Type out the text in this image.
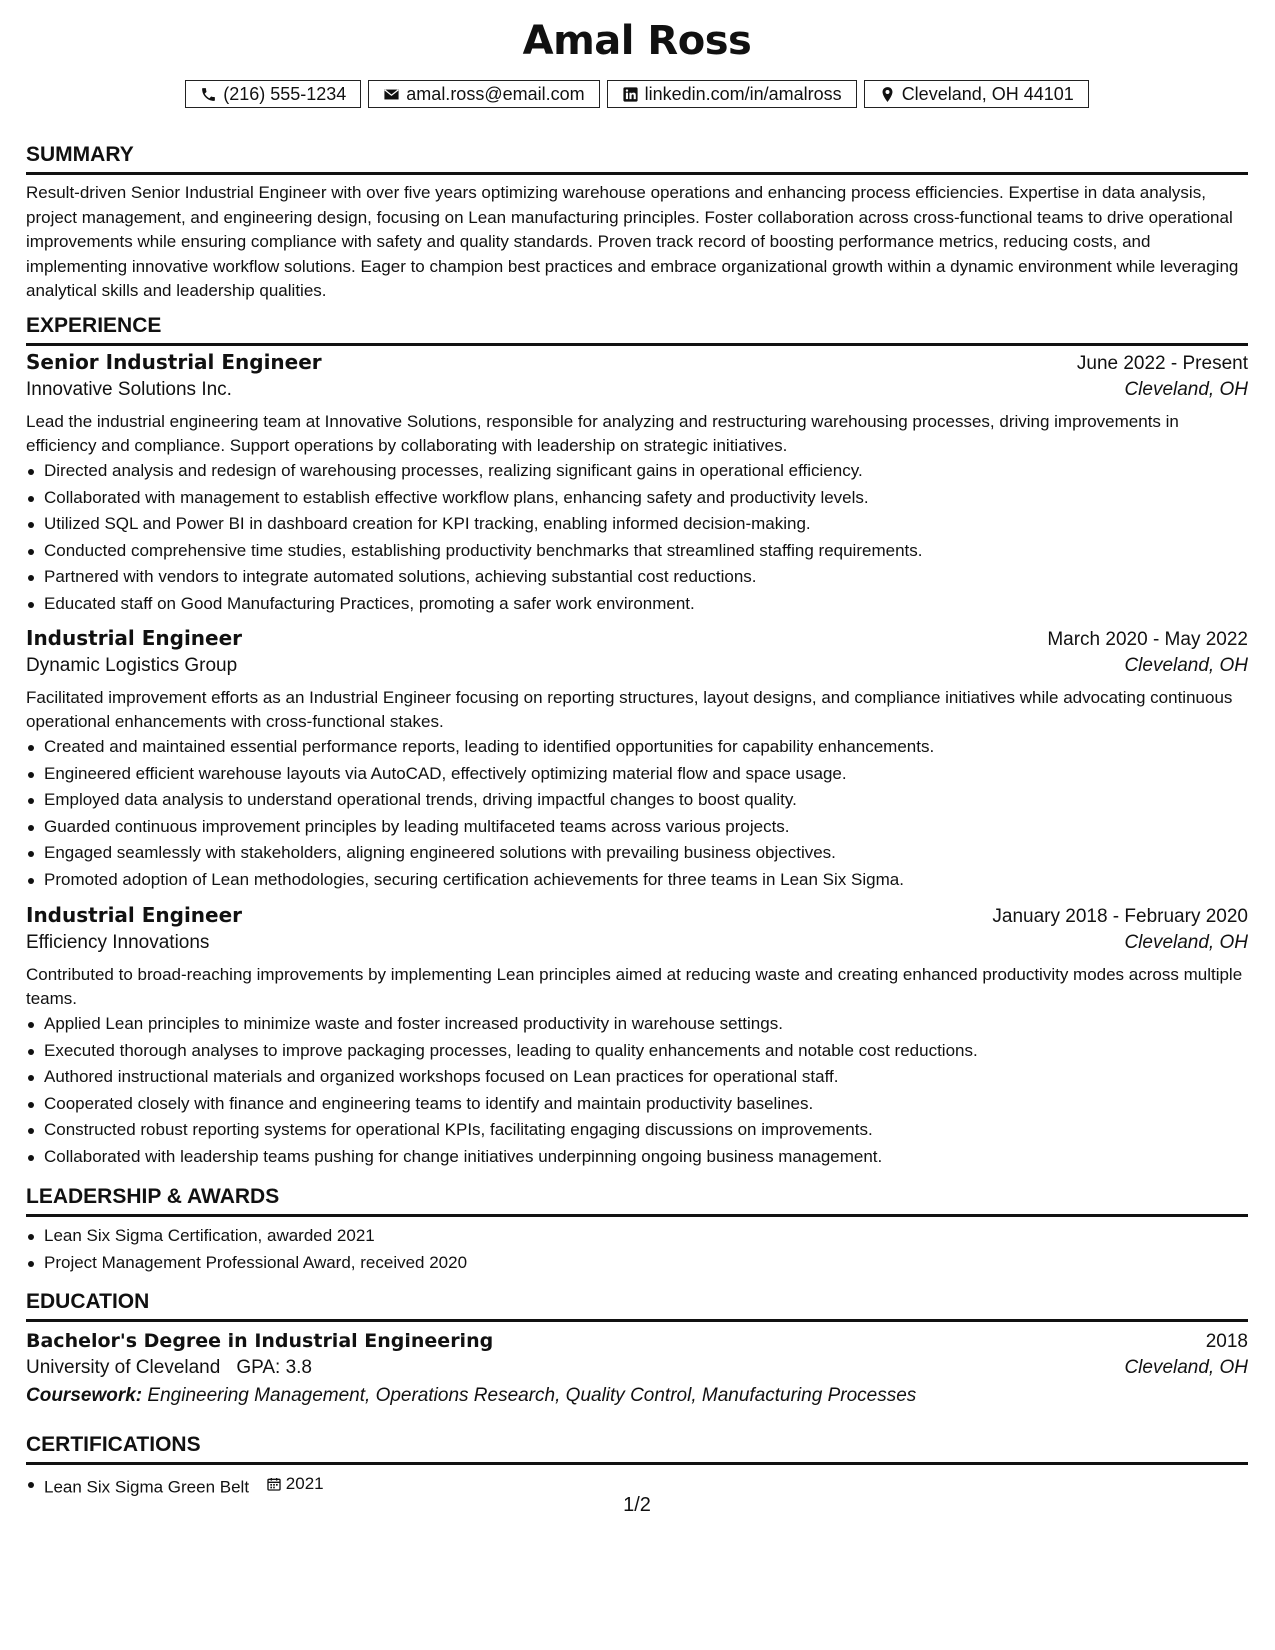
Amal Ross
(216) 555-1234	amal.ross@email.com	linkedin.com/in/amalross	Cleveland, OH 44101
SUMMARY
Result-driven Senior Industrial Engineer with over five years optimizing warehouse operations and enhancing process efficiencies. Expertise in data analysis, project management, and engineering design, focusing on Lean manufacturing principles. Foster collaboration across cross-functional teams to drive operational improvements while ensuring compliance with safety and quality standards. Proven track record of boosting performance metrics, reducing costs, and implementing innovative workflow solutions. Eager to champion best practices and embrace organizational growth within a dynamic environment while leveraging analytical skills and leadership qualities.
EXPERIENCE
Senior Industrial Engineer	June 2022 - Present
Innovative Solutions Inc.	Cleveland, OH
Lead the industrial engineering team at Innovative Solutions, responsible for analyzing and restructuring warehousing processes, driving improvements in efficiency and compliance. Support operations by collaborating with leadership on strategic initiatives.
Directed analysis and redesign of warehousing processes, realizing significant gains in operational efficiency.
Collaborated with management to establish effective workflow plans, enhancing safety and productivity levels.
Utilized SQL and Power BI in dashboard creation for KPI tracking, enabling informed decision-making.
Conducted comprehensive time studies, establishing productivity benchmarks that streamlined staffing requirements.
Partnered with vendors to integrate automated solutions, achieving substantial cost reductions.
Educated staff on Good Manufacturing Practices, promoting a safer work environment.
Industrial Engineer	March 2020 - May 2022
Dynamic Logistics Group	Cleveland, OH
Facilitated improvement efforts as an Industrial Engineer focusing on reporting structures, layout designs, and compliance initiatives while advocating continuous operational enhancements with cross-functional stakes.
Created and maintained essential performance reports, leading to identified opportunities for capability enhancements.
Engineered efficient warehouse layouts via AutoCAD, effectively optimizing material flow and space usage.
Employed data analysis to understand operational trends, driving impactful changes to boost quality.
Guarded continuous improvement principles by leading multifaceted teams across various projects.
Engaged seamlessly with stakeholders, aligning engineered solutions with prevailing business objectives.
Promoted adoption of Lean methodologies, securing certification achievements for three teams in Lean Six Sigma.
Industrial Engineer	January 2018 - February 2020
Efficiency Innovations	Cleveland, OH
Contributed to broad-reaching improvements by implementing Lean principles aimed at reducing waste and creating enhanced productivity modes across multiple teams.
Applied Lean principles to minimize waste and foster increased productivity in warehouse settings.
Executed thorough analyses to improve packaging processes, leading to quality enhancements and notable cost reductions.
Authored instructional materials and organized workshops focused on Lean practices for operational staff.
Cooperated closely with finance and engineering teams to identify and maintain productivity baselines.
Constructed robust reporting systems for operational KPIs, facilitating engaging discussions on improvements.
Collaborated with leadership teams pushing for change initiatives underpinning ongoing business management.
LEADERSHIP & AWARDS
Lean Six Sigma Certification, awarded 2021
Project Management Professional Award, received 2020
EDUCATION
Bachelor's Degree in Industrial Engineering	2018
University of Cleveland GPA: 3.8	Cleveland, OH
Coursework: Engineering Management, Operations Research, Quality Control, Manufacturing Processes
CERTIFICATIONS
Lean Six Sigma Green Belt 2021
1/2
